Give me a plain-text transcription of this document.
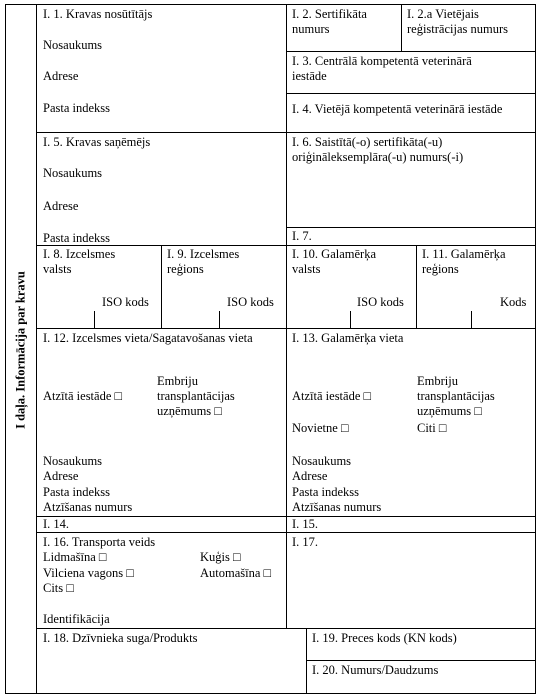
I daļa. Informācija par kravu
I. 1. Kravas nosūtītājs
Nosaukums
Adrese
Pasta indekss
I. 2. Sertifikāta
numurs
I. 2.a Vietējais
reģistrācijas numurs
I. 3. Centrālā kompetentā veterinārā
iestāde
I. 4. Vietējā kompetentā veterinārā iestāde
I. 5. Kravas saņēmējs
Nosaukums
Adrese
Pasta indekss
I. 6. Saistītā(-o) sertifikāta(-u)
oriģināleksemplāra(-u) numurs(-i)
I. 7.
I. 8. Izcelsmes
valsts
ISO kods
I. 9. Izcelsmes
reģions
ISO kods
I. 10. Galamērķa
valsts
ISO kods
I. 11. Galamērķa
reģions
Kods
I. 12. Izcelsmes vieta/Sagatavošanas vieta
Atzītā iestāde □
Embriju
transplantācijas
uzņēmums □
Nosaukums
Adrese
Pasta indekss
Atzīšanas numurs
I. 13. Galamērķa vieta
Atzītā iestāde □
Embriju
transplantācijas
uzņēmums □
Novietne □	Citi □
Nosaukums
Adrese
Pasta indekss
Atzīšanas numurs
I. 14.	I. 15.
I. 16. Transporta veids
Lidmašīna □	Kuģis □
Vilciena vagons □	Automašīna □
Cits □
Identifikācija
I. 17.
I. 18. Dzīvnieka suga/Produkts	I. 19. Preces kods (KN kods)
I. 20. Numurs/Daudzums
